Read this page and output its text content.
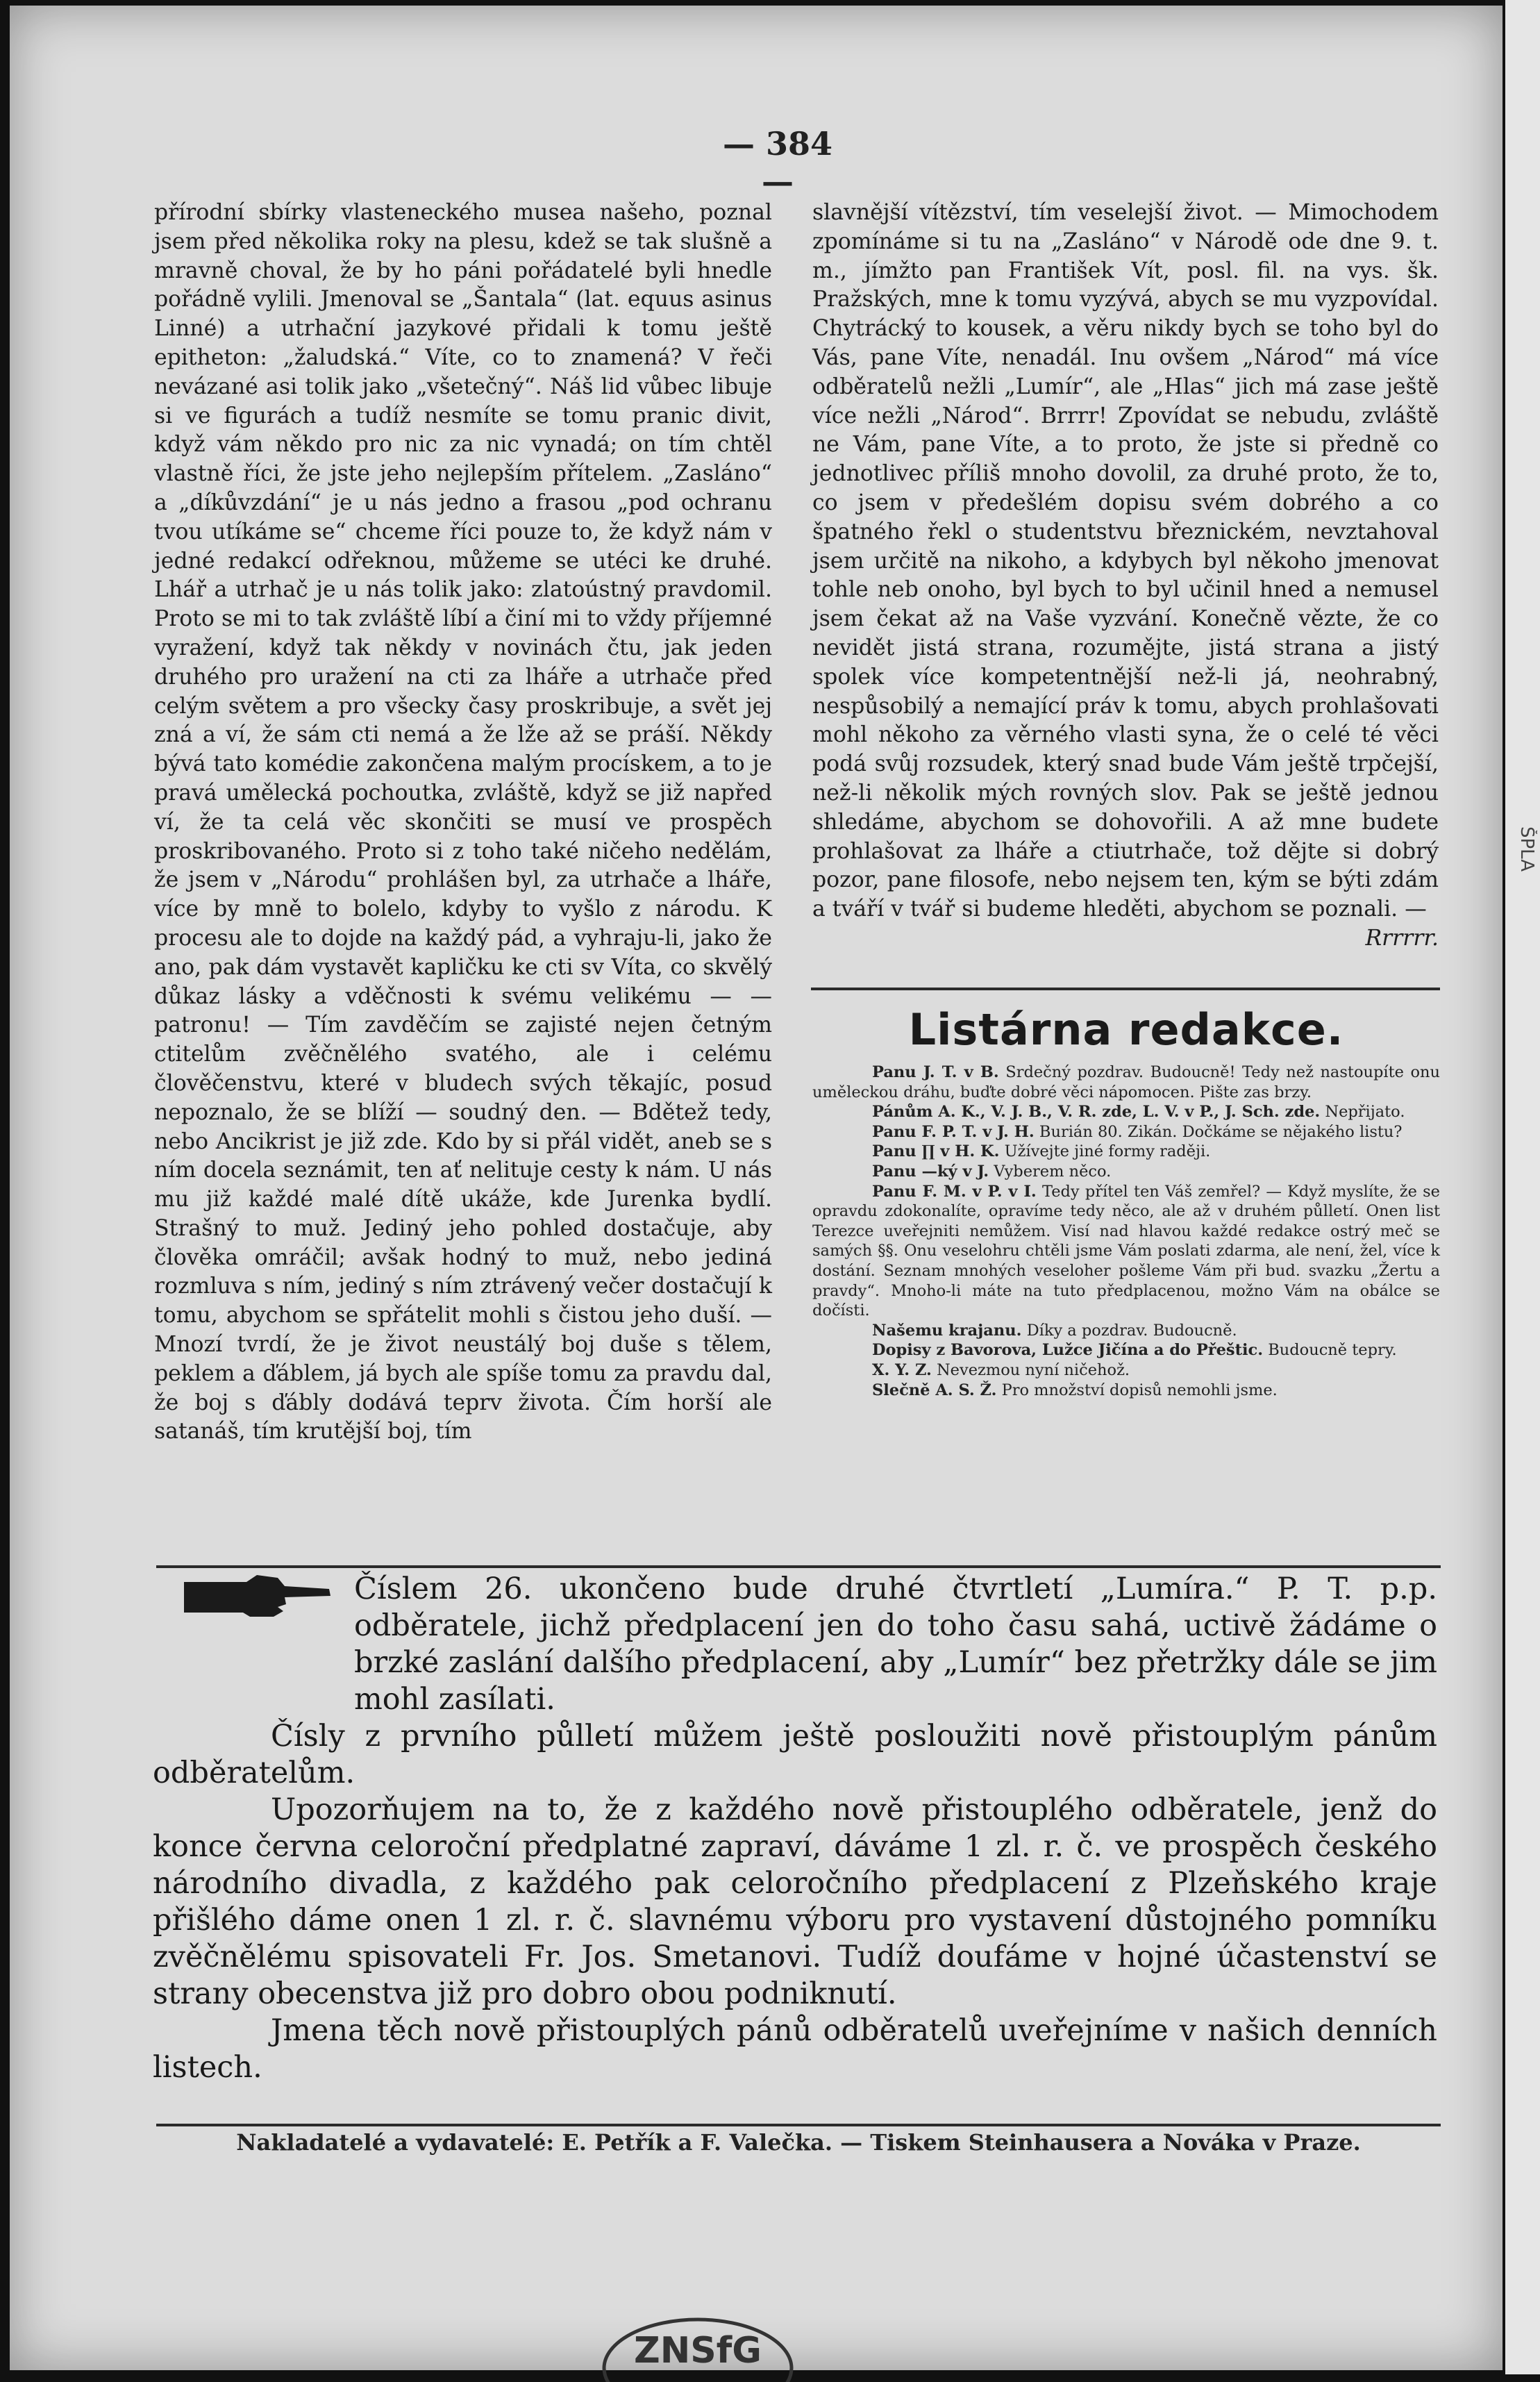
ŠPLA
— 384 —

přírodní sbírky vlasteneckého musea našeho, poznal jsem před několika roky na plesu, kdež se tak slušně a mravně choval, že by ho páni pořádatelé byli hnedle pořádně vylili. Jmenoval se „Šantala“ (lat. equus asinus Linné) a utrhační jazykové přidali k tomu ještě epitheton: „žaludská.“ Víte, co to znamená? V řeči nevázané asi tolik jako „všetečný“. Náš lid vůbec libuje si ve figurách a tudíž nesmíte se tomu pranic divit, když vám někdo pro nic za nic vynadá; on tím chtěl vlastně říci, že jste jeho nejlepším přítelem. „Zasláno“ a „díkůvzdání“ je u nás jedno a frasou „pod ochranu tvou utíkáme se“ chceme říci pouze to, že když nám v jedné redakcí odřeknou, můžeme se utéci ke druhé. Lhář a utrhač je u nás tolik jako: zlatoústný pravdomil. Proto se mi to tak zvláště líbí a činí mi to vždy příjemné vyražení, když tak někdy v novinách čtu, jak jeden druhého pro uražení na cti za lháře a utrhače před celým světem a pro všecky časy proskribuje, a svět jej zná a ví, že sám cti nemá a že lže až se práší. Někdy bývá tato komédie zakončena malým procískem, a to je pravá umělecká pochoutka, zvláště, když se již napřed ví, že ta celá věc skončiti se musí ve prospěch proskribovaného. Proto si z toho také ničeho nedělám, že jsem v „Národu“ prohlášen byl, za utrhače a lháře, více by mně to bolelo, kdyby to vyšlo z národu. K procesu ale to dojde na každý pád, a vyhraju-li, jako že ano, pak dám vystavět kapličku ke cti sv Víta, co skvělý důkaz lásky a vděčnosti k svému velikému — — patronu! — Tím zavděčím se zajisté nejen četným ctitelům zvěčnělého svatého, ale i celému člověčenstvu, které v bludech svých těkajíc, posud nepoznalo, že se blíží — soudný den. — Bdětež tedy, nebo Ancikrist je již zde. Kdo by si přál vidět, aneb se s ním docela seznámit, ten ať nelituje cesty k nám. U nás mu již každé malé dítě ukáže, kde Jurenka bydlí. Strašný to muž. Jediný jeho pohled dostačuje, aby člověka omráčil; avšak hodný to muž, nebo jediná rozmluva s ním, jediný s ním ztrávený večer dostačují k tomu, abychom se spřátelit mohli s čistou jeho duší. — Mnozí tvrdí, že je život neustálý boj duše s tělem, peklem a ďáblem, já bych ale spíše tomu za pravdu dal, že boj s ďábly dodává teprv života. Čím horší ale satanáš, tím krutější boj, tím

slavnější vítězství, tím veselejší život. — Mimochodem zpomínáme si tu na „Zasláno“ v Národě ode dne 9. t. m., jímžto pan František Vít, posl. fil. na vys. šk. Pražských, mne k tomu vyzývá, abych se mu vyzpovídal. Chytrácký to kousek, a věru nikdy bych se toho byl do Vás, pane Víte, nenadál. Inu ovšem „Národ“ má více odběratelů nežli „Lumír“, ale „Hlas“ jich má zase ještě více nežli „Národ“. Brrrr! Zpovídat se nebudu, zvláště ne Vám, pane Víte, a to proto, že jste si předně co jednotlivec příliš mnoho dovolil, za druhé proto, že to, co jsem v předešlém dopisu svém dobrého a co špatného řekl o studentstvu březnickém, nevztahoval jsem určitě na nikoho, a kdybych byl někoho jmenovat tohle neb onoho, byl bych to byl učinil hned a nemusel jsem čekat až na Vaše vyzvání. Konečně vězte, že co nevidět jistá strana, rozumějte, jistá strana a jistý spolek více kompetentnější než-li já, neohrabný, nespůsobilý a nemající práv k tomu, abych prohlašovati mohl někoho za věrného vlasti syna, že o celé té věci podá svůj rozsudek, který snad bude Vám ještě trpčejší, než-li několik mých rovných slov. Pak se ještě jednou shledáme, abychom se dohovořili. A až mne budete prohlašovat za lháře a ctiutrhače, tož dějte si dobrý pozor, pane filosofe, nebo nejsem ten, kým se býti zdám a tváří v tvář si budeme hleděti, abychom se poznali. —

Rrrrrr.
Listárna redakce.

Panu J. T. v B. Srdečný pozdrav. Budoucně! Tedy než nastoupíte onu uměleckou dráhu, buďte dobré věci nápomocen. Pište zas brzy.

Pánům A. K., V. J. B., V. R. zde, L. V. v P., J. Sch. zde. Nepřijato.

Panu F. P. T. v J. H. Burián 80. Zikán. Dočkáme se nějakého listu?

Panu ∏ v H. K. Užívejte jiné formy raději.

Panu —ký v J. Vyberem něco.

Panu F. M. v P. v I. Tedy přítel ten Váš zemřel? — Když myslíte, že se opravdu zdokonalíte, opravíme tedy něco, ale až v druhém půlletí. Onen list Terezce uveřejniti nemůžem. Visí nad hlavou každé redakce ostrý meč se samých §§. Onu veselohru chtěli jsme Vám poslati zdarma, ale není, žel, více k dostání. Seznam mnohých veseloher pošleme Vám při bud. svazku „Žertu a pravdy“. Mnoho-li máte na tuto předplacenou, možno Vám na obálce se dočísti.

Našemu krajanu. Díky a pozdrav. Budoucně.

Dopisy z Bavorova, Lužce Jičína a do Přeštic. Budoucně tepry.

X. Y. Z. Nevezmou nyní ničehož.

Slečně A. S. Ž. Pro množství dopisů nemohli jsme.

Číslem 26. ukončeno bude druhé čtvrtletí „Lumíra.“ P. T. p.p. odběratele, jichž předplacení jen do toho času sahá, uctivě žádáme o brzké zaslání dalšího předplacení, aby „Lumír“ bez přetržky dále se jim mohl zasílati.

Čísly z prvního půlletí můžem ještě posloužiti nově přistouplým pánům odběratelům.

Upozorňujem na to, že z každého nově přistouplého odběratele, jenž do konce června celoroční předplatné zapraví, dáváme 1 zl. r. č. ve prospěch českého národního divadla, z každého pak celoročního předplacení z Plzeňského kraje přišlého dáme onen 1 zl. r. č. slavnému výboru pro vystavení důstojného pomníku zvěčnělému spisovateli Fr. Jos. Smetanovi. Tudíž doufáme v hojné účastenství se strany obecenstva již pro dobro obou podniknutí.

Jmena těch nově přistouplých pánů odběratelů uveřejníme v našich denních listech.

Nakladatelé a vydavatelé: E. Petřík a F. Valečka. — Tiskem Steinhausera a Nováka v Praze.
ZNSfG
